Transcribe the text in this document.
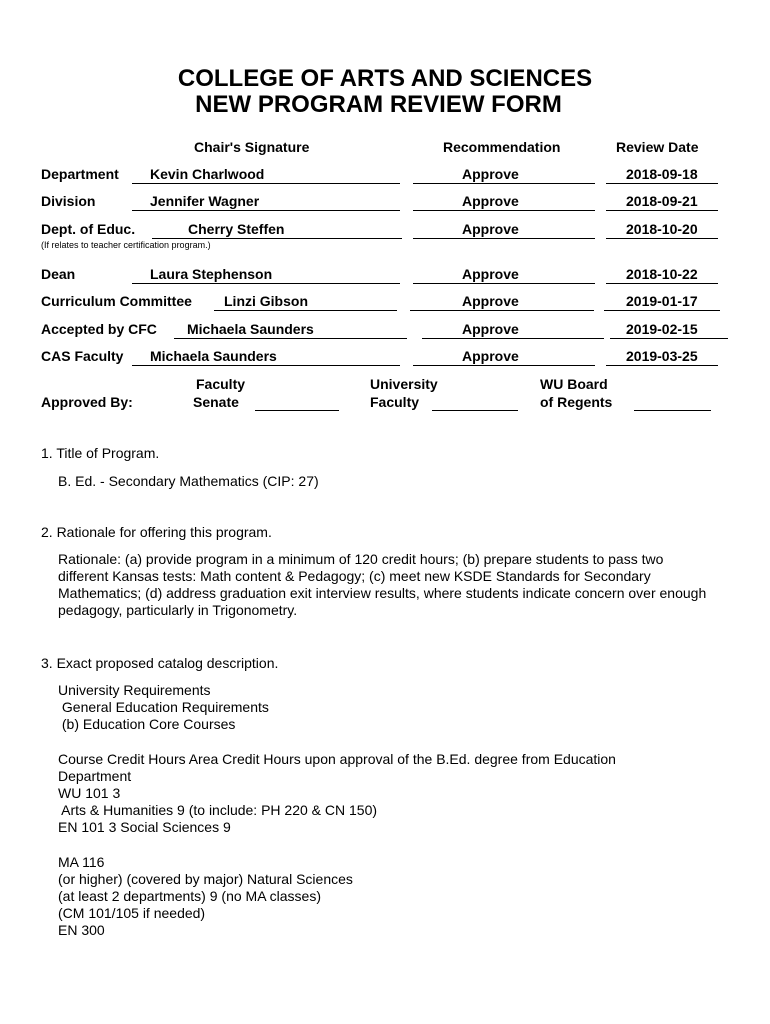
COLLEGE OF ARTS AND SCIENCES
NEW PROGRAM REVIEW FORM
Chair's Signature	Recommendation	Review Date
Department	Kevin Charlwood	Approve	2018-09-18
Division	Jennifer Wagner	Approve	2018-09-21
Dept. of Educ.	Cherry Steffen	Approve	2018-10-20
(If relates to teacher certification program.)
Dean	Laura Stephenson	Approve	2018-10-22
Curriculum Committee	Linzi Gibson	Approve	2019-01-17
Accepted by CFC	Michaela Saunders	Approve	2019-02-15
CAS Faculty	Michaela Saunders	Approve	2019-03-25
Approved By:
Faculty
Senate
University
Faculty
WU Board
of Regents
1. Title of Program.
B. Ed. - Secondary Mathematics (CIP: 27)
2. Rationale for offering this program.
Rationale: (a) provide program in a minimum of 120 credit hours; (b) prepare students to pass two different Kansas tests: Math content & Pedagogy; (c) meet new KSDE Standards for Secondary Mathematics; (d) address graduation exit interview results, where students indicate concern over enough pedagogy, particularly in Trigonometry.
3. Exact proposed catalog description.
University Requirements
General Education Requirements
(b) Education Core Courses
Course Credit Hours Area Credit Hours upon approval of the B.Ed. degree from Education
Department
WU 101 3
Arts & Humanities 9 (to include: PH 220 & CN 150)
EN 101 3 Social Sciences 9
MA 116
(or higher) (covered by major) Natural Sciences
(at least 2 departments) 9 (no MA classes)
(CM 101/105 if needed)
EN 300
